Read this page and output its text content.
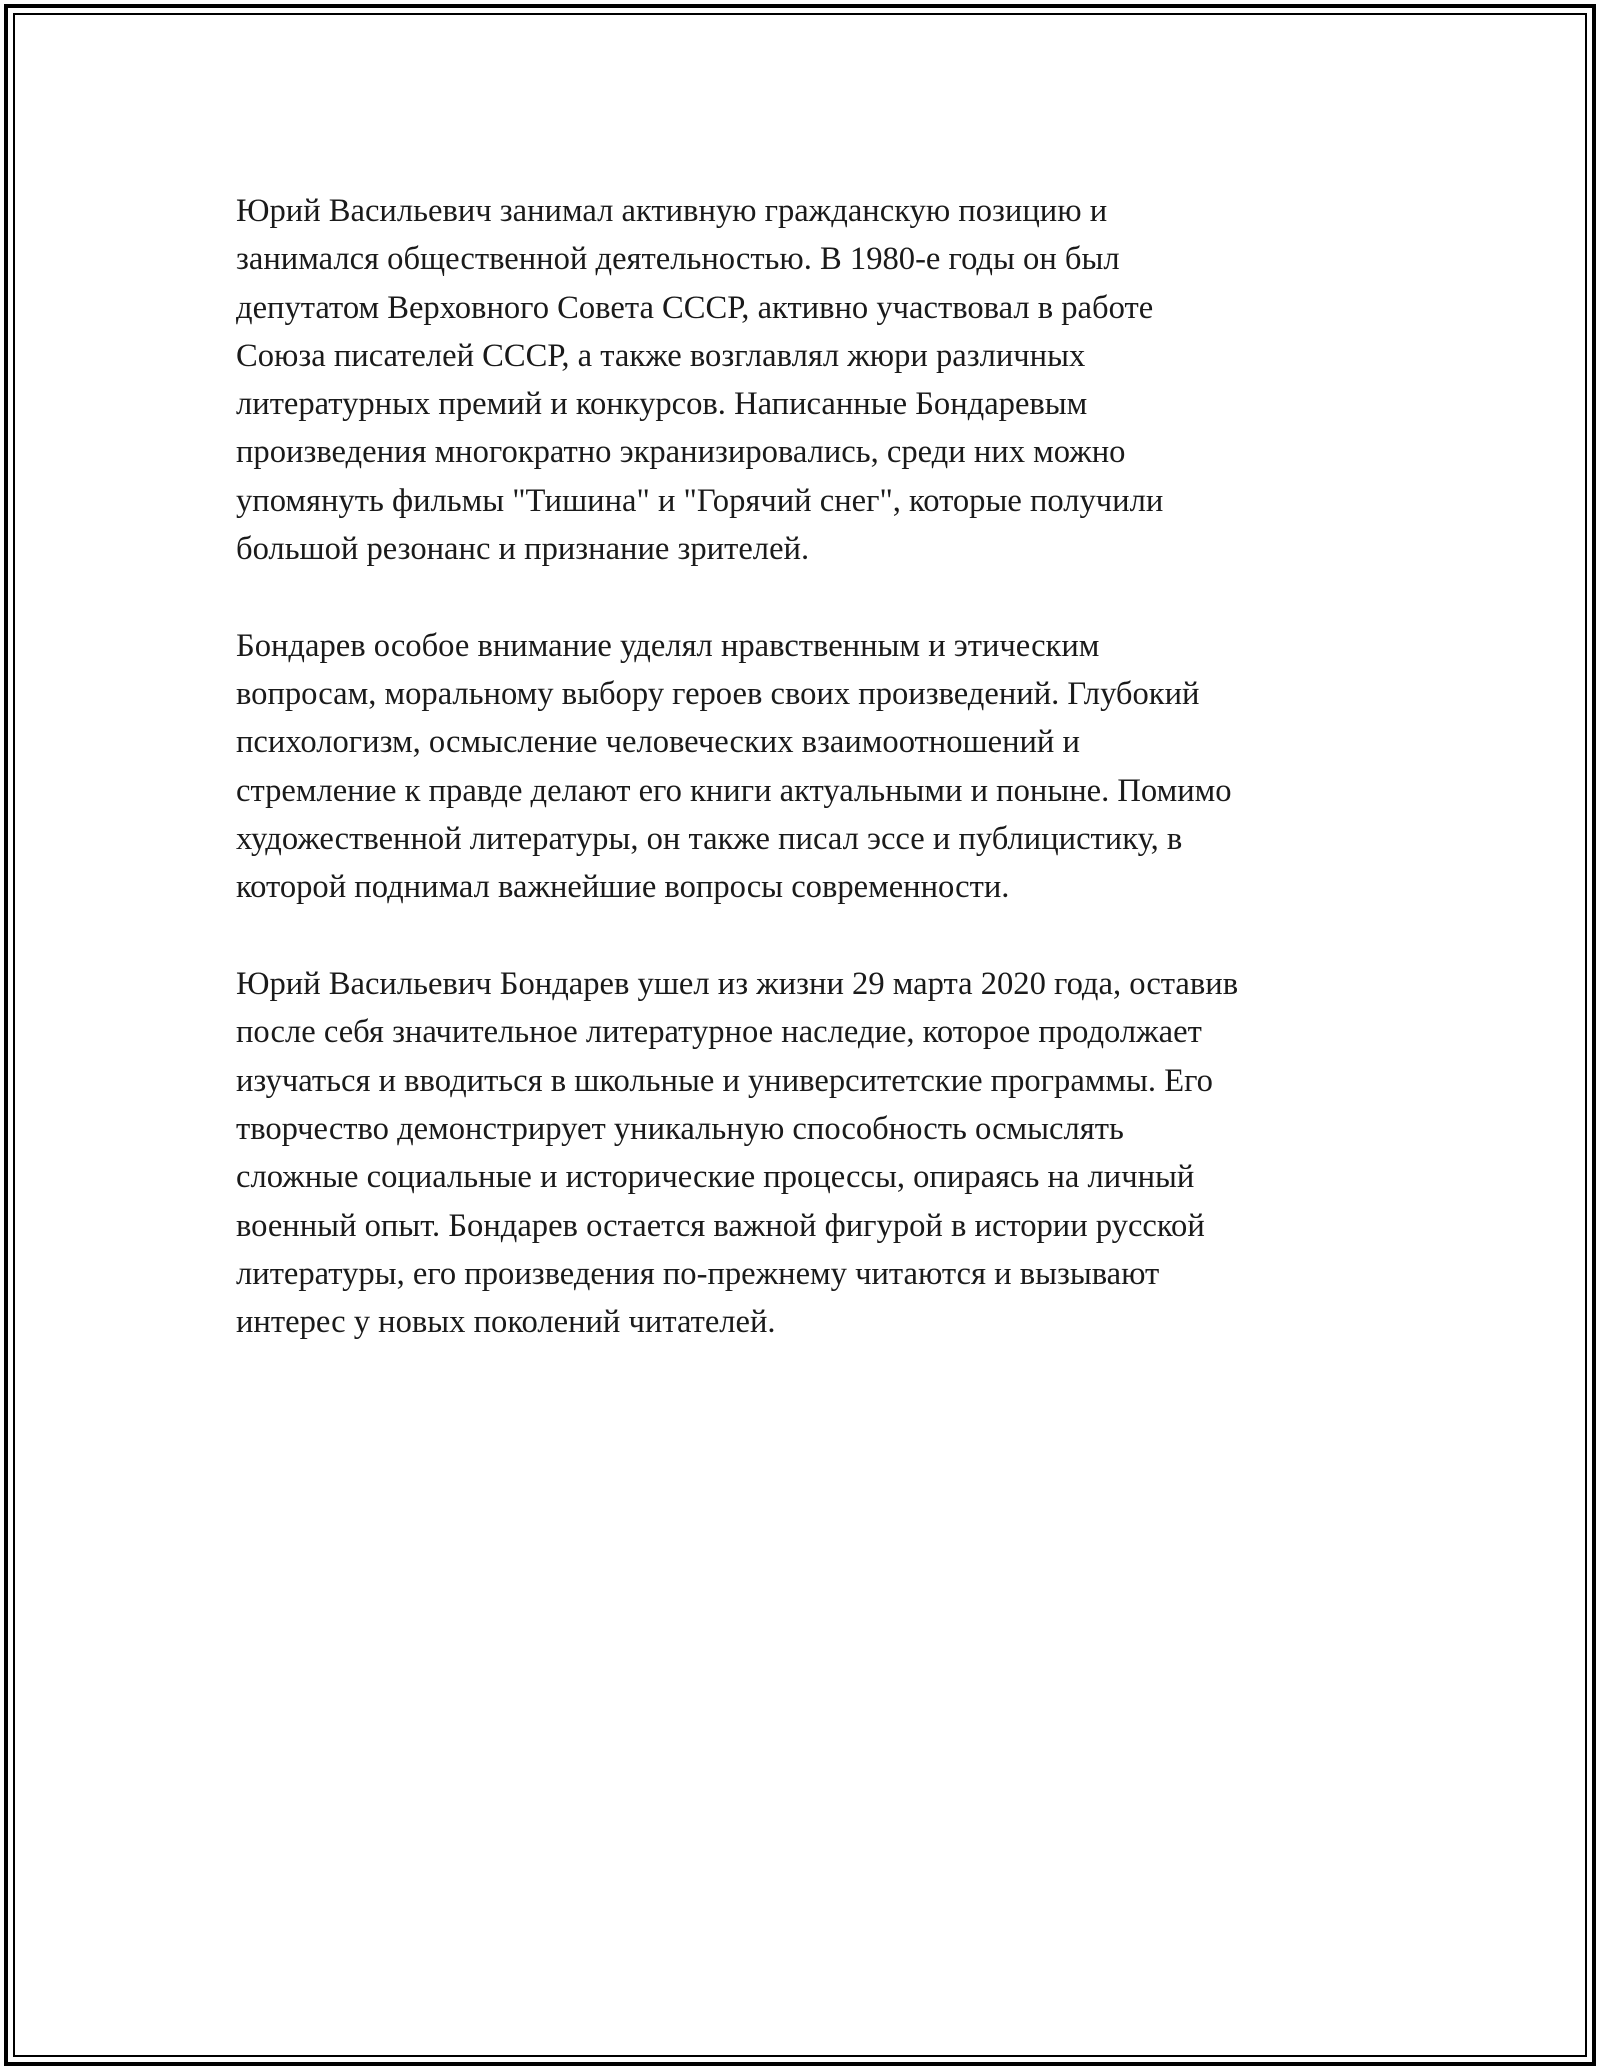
Юрий Васильевич занимал активную гражданскую позицию и
занимался общественной деятельностью. В 1980-е годы он был
депутатом Верховного Совета СССР, активно участвовал в работе
Союза писателей СССР, а также возглавлял жюри различных
литературных премий и конкурсов. Написанные Бондаревым
произведения многократно экранизировались, среди них можно
упомянуть фильмы "Тишина" и "Горячий снег", которые получили
большой резонанс и признание зрителей.

Бондарев особое внимание уделял нравственным и этическим
вопросам, моральному выбору героев своих произведений. Глубокий
психологизм, осмысление человеческих взаимоотношений и
стремление к правде делают его книги актуальными и поныне. Помимо
художественной литературы, он также писал эссе и публицистику, в
которой поднимал важнейшие вопросы современности.

Юрий Васильевич Бондарев ушел из жизни 29 марта 2020 года, оставив
после себя значительное литературное наследие, которое продолжает
изучаться и вводиться в школьные и университетские программы. Его
творчество демонстрирует уникальную способность осмыслять
сложные социальные и исторические процессы, опираясь на личный
военный опыт. Бондарев остается важной фигурой в истории русской
литературы, его произведения по-прежнему читаются и вызывают
интерес у новых поколений читателей.
